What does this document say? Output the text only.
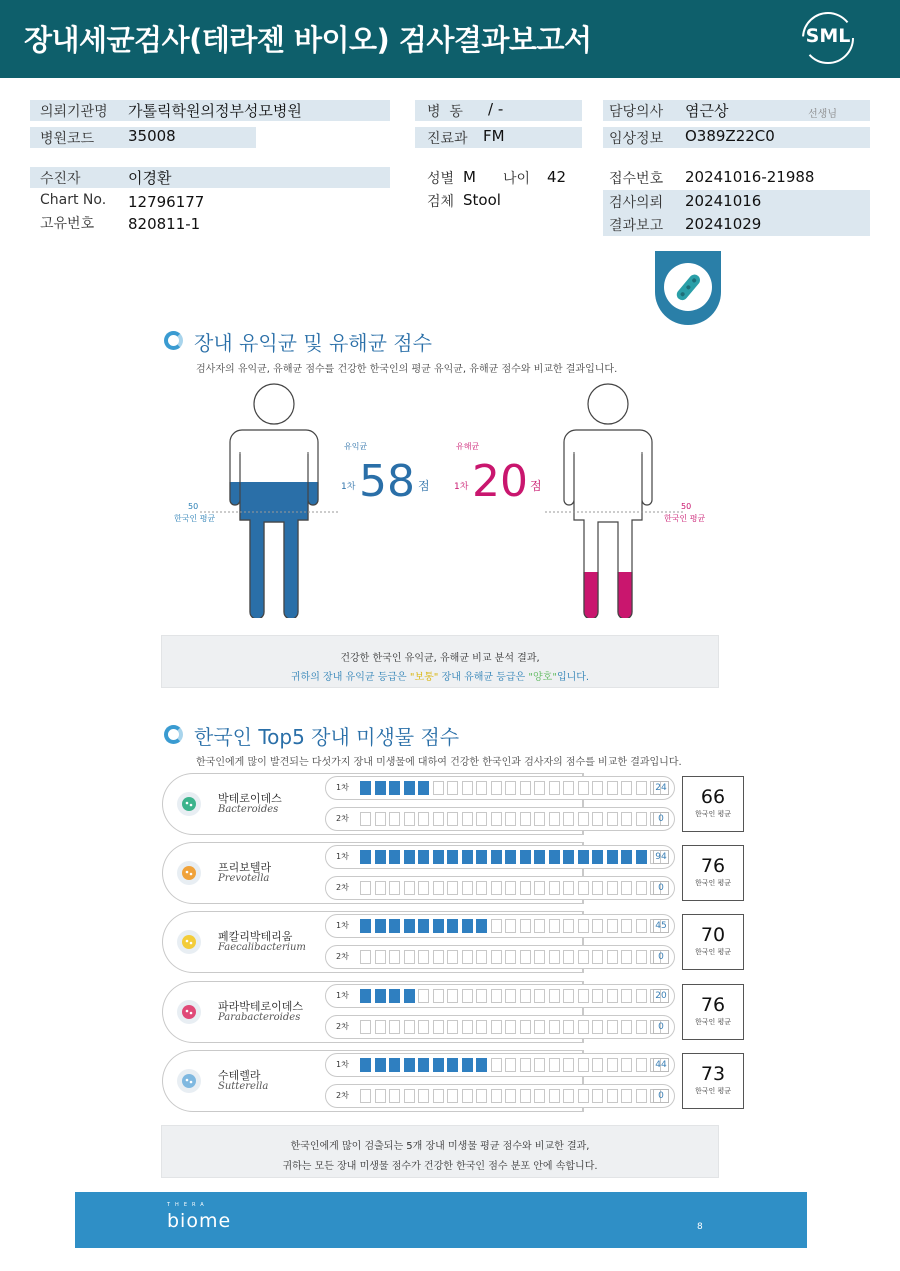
장내세균검사(테라젠 바이오) 검사결과보고서	SML
의뢰기관명 가톨릭학원의정부성모병원
병원코드 35008
병  동 / -
진료과 FM
담당의사 염근상	선생님
임상정보 O389Z22C0
수진자	이경환
Chart No. 12796177
고유번호 820811-1
성별 M 나이 42
검체 Stool
접수번호 20241016-21988
검사의뢰 20241016
결과보고 20241029
장내 유익균 및 유해균 점수
검사자의 유익균, 유해균 점수를 건강한 한국인의 평균 유익균, 유해균 점수와 비교한 결과입니다.
50
한국인 평균
50
한국인 평균
유익균
1차 58 점
유해균
1차 20 점
건강한 한국인 유익균, 유해균 비교 분석 결과,
귀하의 장내 유익균 등급은 "보통" 장내 유해균 등급은 "양호"입니다.
한국인 Top5 장내 미생물 점수
한국인에게 많이 발견되는 다섯가지 장내 미생물에 대하여 건강한 한국인과 검사자의 점수를 비교한 결과입니다.
박테로이데스
Bacteroides
1차	24
2차	0
66
한국인 평균
프리보텔라
Prevotella
1차	94
2차	0
76
한국인 평균
페칼리박테리움
Faecalibacterium
1차	45
2차	0
70
한국인 평균
파라박테로이데스
Parabacteroides
1차	20
2차	0
76
한국인 평균
수테렐라
Sutterella
1차	44
2차	0
73
한국인 평균
한국인에게 많이 검출되는 5개 장내 미생물 평균 점수와 비교한 결과,
귀하는 모든 장내 미생물 점수가 건강한 한국인 점수 분포 안에 속합니다.
THERA
biome	8
